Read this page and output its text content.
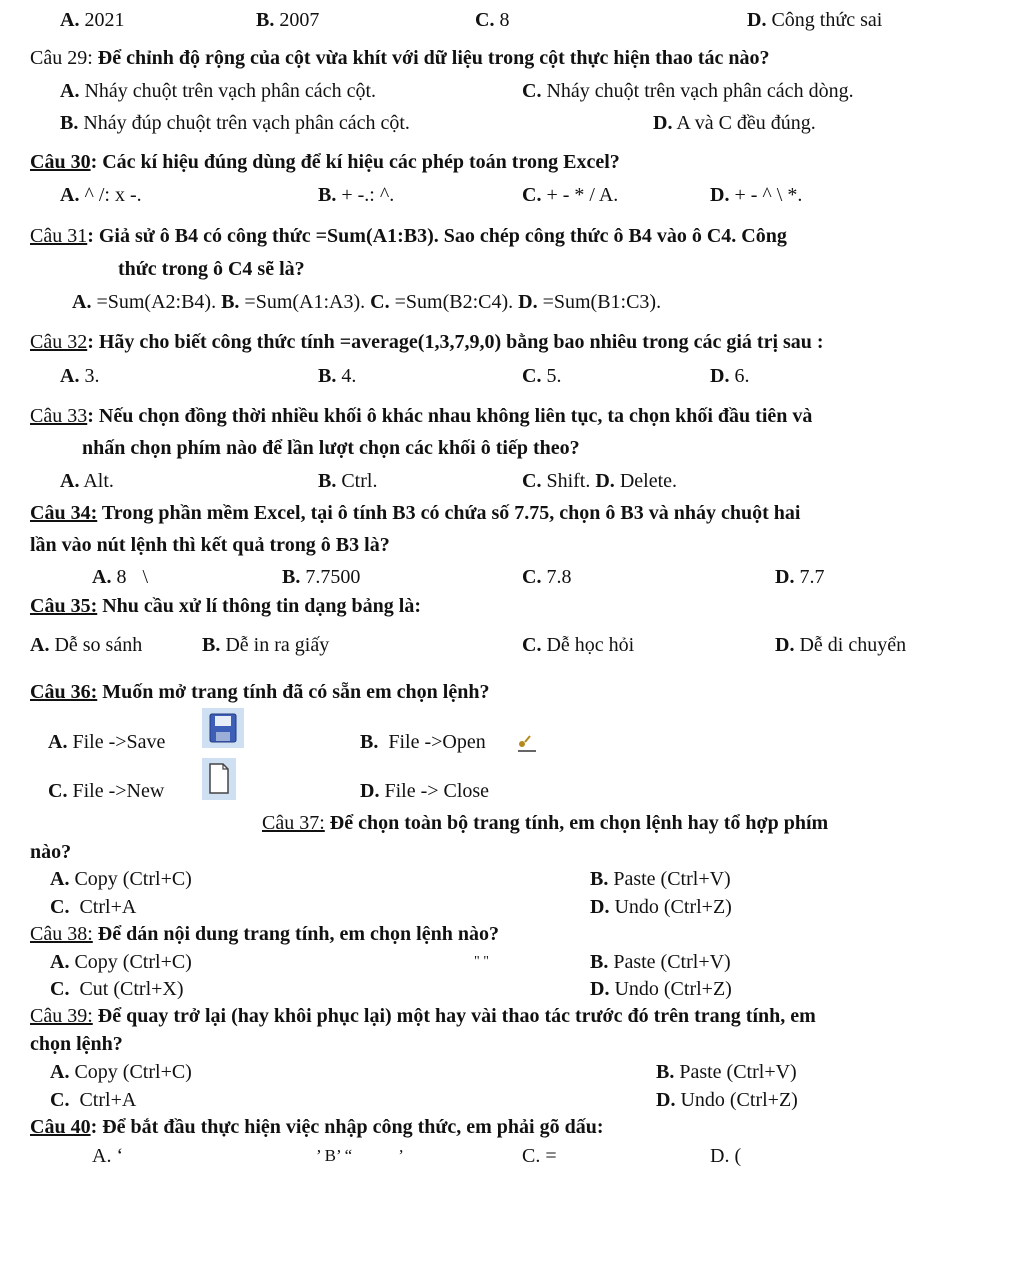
A. 2021	B. 2007	C. 8	D. Công thức sai
Câu 29: Để chỉnh độ rộng của cột vừa khít với dữ liệu trong cột thực hiện thao tác nào?
A. Nháy chuột trên vạch phân cách cột.	C. Nháy chuột trên vạch phân cách dòng.
B. Nháy đúp chuột trên vạch phân cách cột.	D. A và C đều đúng.
Câu 30: Các kí hiệu đúng dùng để kí hiệu các phép toán trong Excel?
A. ^ /: x -.	B. + -.: ^.	C. + - * / A.	D. + - ^ \ *.
Câu 31: Giả sử ô B4 có công thức =Sum(A1:B3). Sao chép công thức ô B4 vào ô C4. Công
thức trong ô C4 sẽ là?
A. =Sum(A2:B4). B. =Sum(A1:A3). C. =Sum(B2:C4). D. =Sum(B1:C3).
Câu 32: Hãy cho biết công thức tính =average(1,3,7,9,0) bằng bao nhiêu trong các giá trị sau :
A. 3.	B. 4.	C. 5.	D. 6.
Câu 33: Nếu chọn đồng thời nhiều khối ô khác nhau không liên tục, ta chọn khối đầu tiên và
nhấn chọn phím nào để lần lượt chọn các khối ô tiếp theo?
A. Alt.	B. Ctrl.	C. Shift. D. Delete.
Câu 34: Trong phần mềm Excel, tại ô tính B3 có chứa số 7.75, chọn ô B3 và nháy chuột hai
lần vào nút lệnh thì kết quả trong ô B3 là?
A. 8 \	B. 7.7500	C. 7.8	D. 7.7
Câu 35: Nhu cầu xử lí thông tin dạng bảng là:
A. Dễ so sánh	B. Dễ in ra giấy	C. Dễ học hỏi	D. Dễ di chuyển
Câu 36: Muốn mở trang tính đã có sẵn em chọn lệnh?
A. File ->Save	B. File ->Open
C. File ->New	D. File -> Close
Câu 37: Để chọn toàn bộ trang tính, em chọn lệnh hay tổ hợp phím
nào?
A. Copy (Ctrl+C)	B. Paste (Ctrl+V)
C. Ctrl+A	D. Undo (Ctrl+Z)
Câu 38: Để dán nội dung trang tính, em chọn lệnh nào?
A. Copy (Ctrl+C)	" "	B. Paste (Ctrl+V)
C. Cut (Ctrl+X)	D. Undo (Ctrl+Z)
Câu 39: Để quay trở lại (hay khôi phục lại) một hay vài thao tác trước đó trên trang tính, em
chọn lệnh?
A. Copy (Ctrl+C)	B. Paste (Ctrl+V)
C. Ctrl+A	D. Undo (Ctrl+Z)
Câu 40: Để bắt đầu thực hiện việc nhập công thức, em phải gõ dấu:
A. ‘	’ B’ “	’	C. =	D. (
